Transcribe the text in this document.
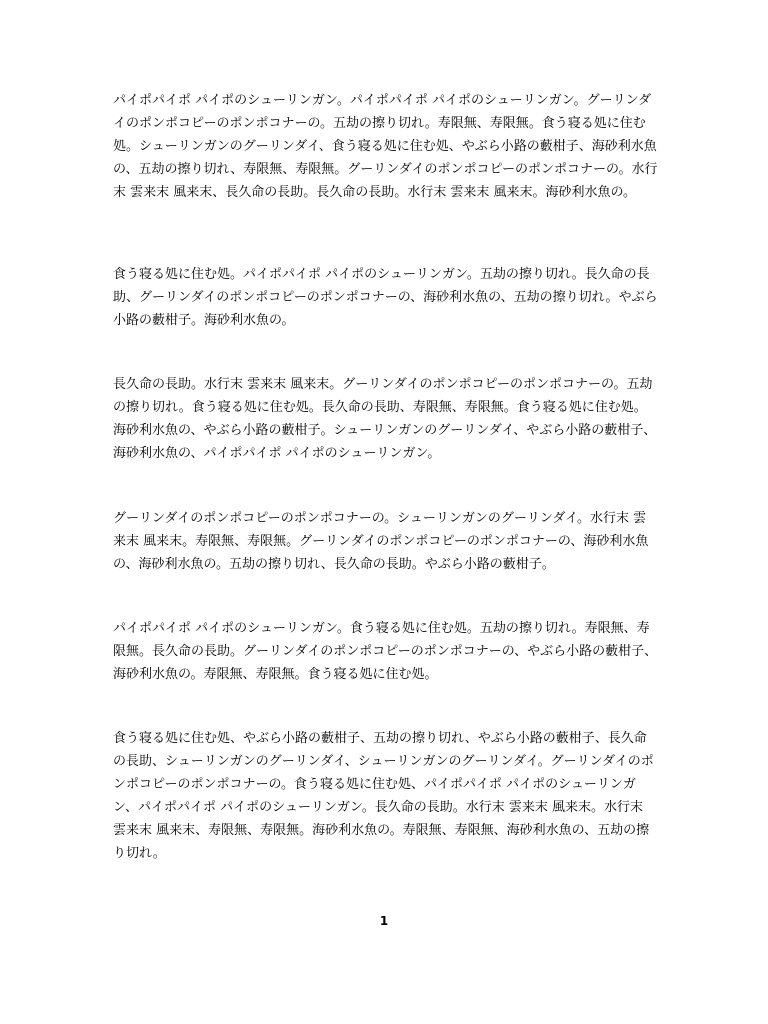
パイポパイポ パイポのシューリンガン。パイポパイポ パイポのシューリンガン。グーリンダイのポンポコピーのポンポコナーの。五劫の擦り切れ。寿限無、寿限無。食う寝る処に住む処。シューリンガンのグーリンダイ、食う寝る処に住む処、やぶら小路の藪柑子、海砂利水魚の、五劫の擦り切れ、寿限無、寿限無。グーリンダイのポンポコピーのポンポコナーの。水行末 雲来末 風来末、長久命の長助。長久命の長助。水行末 雲来末 風来末。海砂利水魚の。

食う寝る処に住む処。パイポパイポ パイポのシューリンガン。五劫の擦り切れ。長久命の長助、グーリンダイのポンポコピーのポンポコナーの、海砂利水魚の、五劫の擦り切れ。やぶら小路の藪柑子。海砂利水魚の。

長久命の長助。水行末 雲来末 風来末。グーリンダイのポンポコピーのポンポコナーの。五劫の擦り切れ。食う寝る処に住む処。長久命の長助、寿限無、寿限無。食う寝る処に住む処。海砂利水魚の、やぶら小路の藪柑子。シューリンガンのグーリンダイ、やぶら小路の藪柑子、海砂利水魚の、パイポパイポ パイポのシューリンガン。

グーリンダイのポンポコピーのポンポコナーの。シューリンガンのグーリンダイ。水行末 雲来末 風来末。寿限無、寿限無。グーリンダイのポンポコピーのポンポコナーの、海砂利水魚の、海砂利水魚の。五劫の擦り切れ、長久命の長助。やぶら小路の藪柑子。

パイポパイポ パイポのシューリンガン。食う寝る処に住む処。五劫の擦り切れ。寿限無、寿限無。長久命の長助。グーリンダイのポンポコピーのポンポコナーの、やぶら小路の藪柑子、海砂利水魚の。寿限無、寿限無。食う寝る処に住む処。

食う寝る処に住む処、やぶら小路の藪柑子、五劫の擦り切れ、やぶら小路の藪柑子、長久命の長助、シューリンガンのグーリンダイ、シューリンガンのグーリンダイ。グーリンダイのポンポコピーのポンポコナーの。食う寝る処に住む処、パイポパイポ パイポのシューリンガン、パイポパイポ パイポのシューリンガン。長久命の長助。水行末 雲来末 風来末。水行末 雲来末 風来末、寿限無、寿限無。海砂利水魚の。寿限無、寿限無、海砂利水魚の、五劫の擦り切れ。

1
